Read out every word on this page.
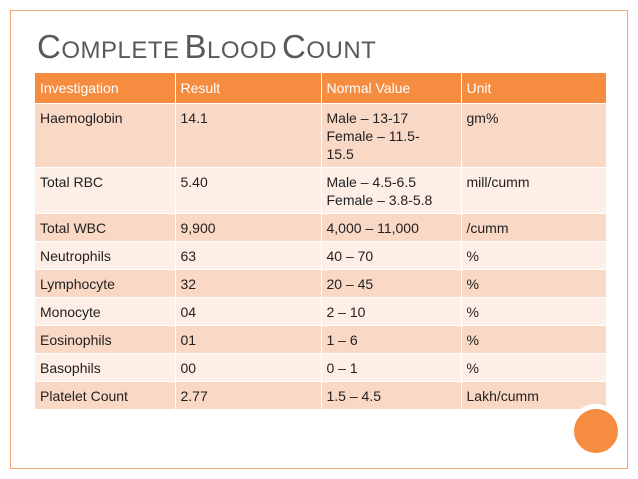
COMPLETE BLOOD COUNT
Investigation	Result	Normal Value	Unit
Haemoglobin	14.1	Male – 13-17
Female – 11.5-
15.5	gm%
Total RBC	5.40	Male – 4.5-6.5
Female – 3.8-5.8	mill/cumm
Total WBC	9,900	4,000 – 11,000	/cumm
Neutrophils	63	40 – 70	%
Lymphocyte	32	20 – 45	%
Monocyte	04	2 – 10	%
Eosinophils	01	1 – 6	%
Basophils	00	0 – 1	%
Platelet Count	2.77	1.5 – 4.5	Lakh/cumm
